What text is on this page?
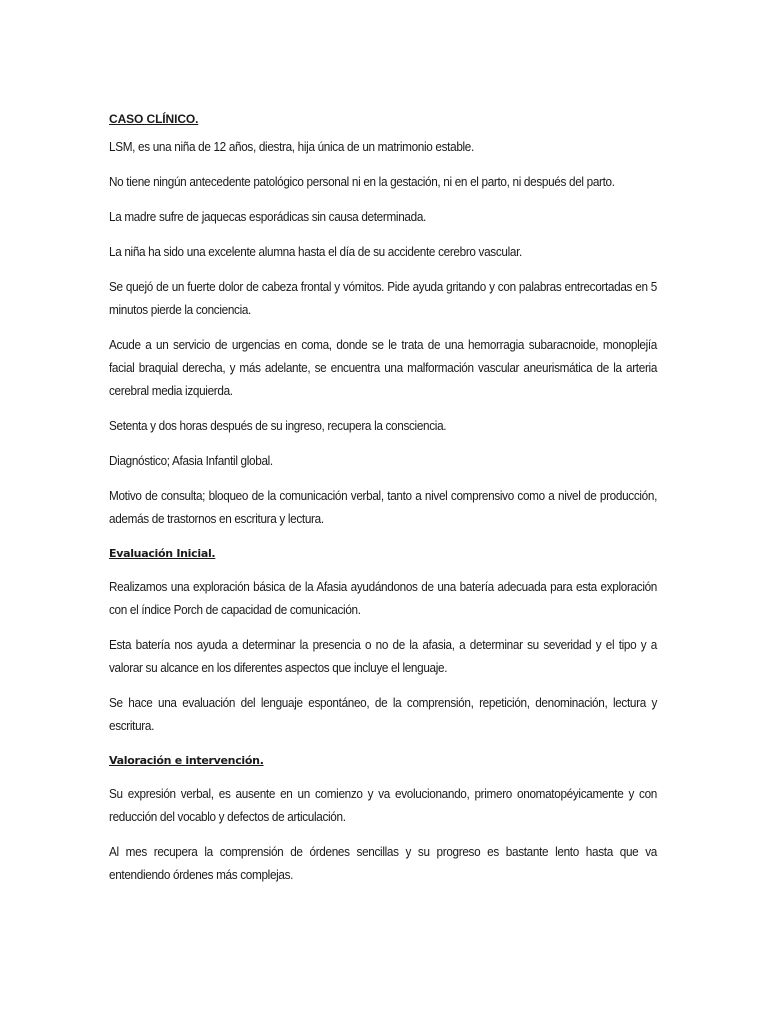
CASO CLÍNICO.

LSM, es una niña de 12 años, diestra, hija única de un matrimonio estable.

No tiene ningún antecedente patológico personal ni en la gestación, ni en el parto, ni después del parto.

La madre sufre de jaquecas esporádicas sin causa determinada.

La niña ha sido una excelente alumna hasta el día de su accidente cerebro vascular.

Se quejó de un fuerte dolor de cabeza frontal y vómitos. Pide ayuda gritando y con palabras entrecortadas en 5 minutos pierde la conciencia.

Acude a un servicio de urgencias en coma, donde se le trata de una hemorragia subaracnoide, monoplejía facial braquial derecha, y más adelante, se encuentra una malformación vascular aneurismática de la arteria cerebral media izquierda.

Setenta y dos horas después de su ingreso, recupera la consciencia.

Diagnóstico; Afasia Infantil global.

Motivo de consulta; bloqueo de la comunicación verbal, tanto a nivel comprensivo como a nivel de producción, además de trastornos en escritura y lectura.

Evaluación Inicial.

Realizamos una exploración básica de la Afasia ayudándonos de una batería adecuada para esta exploración con el índice Porch de capacidad de comunicación.

Esta batería nos ayuda a determinar la presencia o no de la afasia, a determinar su severidad y el tipo y a valorar su alcance en los diferentes aspectos que incluye el lenguaje.

Se hace una evaluación del lenguaje espontáneo, de la comprensión, repetición, denominación, lectura y escritura.

Valoración e intervención.

Su expresión verbal, es ausente en un comienzo y va evolucionando, primero onomatopéyicamente y con reducción del vocablo y defectos de articulación.

Al mes recupera la comprensión de órdenes sencillas y su progreso es bastante lento hasta que va entendiendo órdenes más complejas.
